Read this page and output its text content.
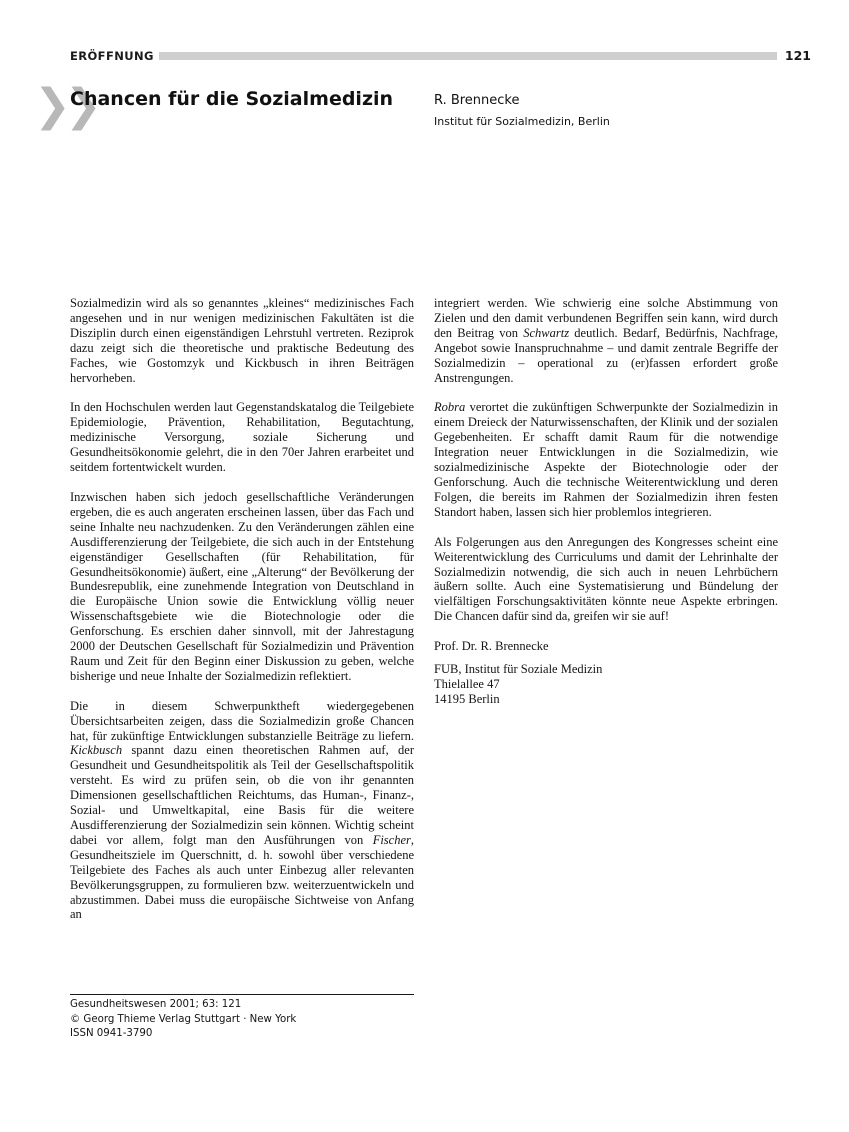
ERÖFFNUNG	121
❯❯
Chancen für die Sozialmedizin	R. Brennecke
Institut für Sozialmedizin, Berlin

Sozialmedizin wird als so genanntes „kleines“ medizinisches Fach angesehen und in nur wenigen medizinischen Fakultäten ist die Disziplin durch einen eigenständigen Lehrstuhl vertreten. Reziprok dazu zeigt sich die theoretische und praktische Bedeutung des Faches, wie Gostomzyk und Kickbusch in ihren Beiträgen hervorheben.

In den Hochschulen werden laut Gegenstandskatalog die Teilgebiete Epidemiologie, Prävention, Rehabilitation, Begutachtung, medizinische Versorgung, soziale Sicherung und Gesundheitsökonomie gelehrt, die in den 70er Jahren erarbeitet und seitdem fortentwickelt wurden.

Inzwischen haben sich jedoch gesellschaftliche Veränderungen ergeben, die es auch angeraten erscheinen lassen, über das Fach und seine Inhalte neu nachzudenken. Zu den Veränderungen zählen eine Ausdifferenzierung der Teilgebiete, die sich auch in der Entstehung eigenständiger Gesellschaften (für Rehabilitation, für Gesundheitsökonomie) äußert, eine „Alterung“ der Bevölkerung der Bundesrepublik, eine zunehmende Integration von Deutschland in die Europäische Union sowie die Entwicklung völlig neuer Wissenschaftsgebiete wie die Biotechnologie oder die Genforschung. Es erschien daher sinnvoll, mit der Jahrestagung 2000 der Deutschen Gesellschaft für Sozialmedizin und Prävention Raum und Zeit für den Beginn einer Diskussion zu geben, welche bisherige und neue Inhalte der Sozialmedizin reflektiert.

Die in diesem Schwerpunktheft wiedergegebenen Übersichtsarbeiten zeigen, dass die Sozialmedizin große Chancen hat, für zukünftige Entwicklungen substanzielle Beiträge zu liefern. Kickbusch spannt dazu einen theoretischen Rahmen auf, der Gesundheit und Gesundheitspolitik als Teil der Gesellschaftspolitik versteht. Es wird zu prüfen sein, ob die von ihr genannten Dimensionen gesellschaftlichen Reichtums, das Human-, Finanz-, Sozial- und Umweltkapital, eine Basis für die weitere Ausdifferenzierung der Sozialmedizin sein können. Wichtig scheint dabei vor allem, folgt man den Ausführungen von Fischer, Gesundheitsziele im Querschnitt, d. h. sowohl über verschiedene Teilgebiete des Faches als auch unter Einbezug aller relevanten Bevölkerungsgruppen, zu formulieren bzw. weiterzuentwickeln und abzustimmen. Dabei muss die europäische Sichtweise von Anfang an

integriert werden. Wie schwierig eine solche Abstimmung von Zielen und den damit verbundenen Begriffen sein kann, wird durch den Beitrag von Schwartz deutlich. Bedarf, Bedürfnis, Nachfrage, Angebot sowie Inanspruchnahme – und damit zentrale Begriffe der Sozialmedizin – operational zu (er)fassen erfordert große Anstrengungen.

Robra verortet die zukünftigen Schwerpunkte der Sozialmedizin in einem Dreieck der Naturwissenschaften, der Klinik und der sozialen Gegebenheiten. Er schafft damit Raum für die notwendige Integration neuer Entwicklungen in die Sozialmedizin, wie sozialmedizinische Aspekte der Biotechnologie oder der Genforschung. Auch die technische Weiterentwicklung und deren Folgen, die bereits im Rahmen der Sozialmedizin ihren festen Standort haben, lassen sich hier problemlos integrieren.

Als Folgerungen aus den Anregungen des Kongresses scheint eine Weiterentwicklung des Curriculums und damit der Lehrinhalte der Sozialmedizin notwendig, die sich auch in neuen Lehrbüchern äußern sollte. Auch eine Systematisierung und Bündelung der vielfältigen Forschungsaktivitäten könnte neue Aspekte erbringen. Die Chancen dafür sind da, greifen wir sie auf!

Prof. Dr. R. Brennecke

FUB, Institut für Soziale Medizin

Thielallee 47

14195 Berlin

Gesundheitswesen 2001; 63: 121
© Georg Thieme Verlag Stuttgart · New York
ISSN 0941-3790
